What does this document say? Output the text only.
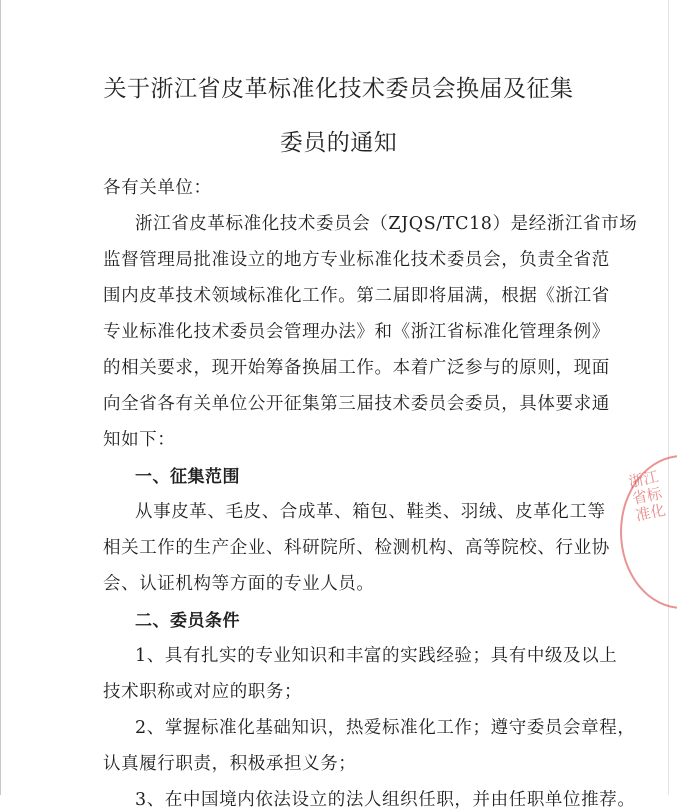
关于浙江省皮革标准化技术委员会换届及征集
委员的通知
各有关单位：
浙江省皮革标准化技术委员会（ZJQS/TC18）是经浙江省市场
监督管理局批准设立的地方专业标准化技术委员会，负责全省范
围内皮革技术领域标准化工作。第二届即将届满，根据《浙江省
专业标准化技术委员会管理办法》和《浙江省标准化管理条例》
的相关要求，现开始筹备换届工作。本着广泛参与的原则，现面
向全省各有关单位公开征集第三届技术委员会委员，具体要求通
知如下：
一、征集范围
从事皮革、毛皮、合成革、箱包、鞋类、羽绒、皮革化工等
相关工作的生产企业、科研院所、检测机构、高等院校、行业协
会、认证机构等方面的专业人员。
二、委员条件
1、具有扎实的专业知识和丰富的实践经验；具有中级及以上
技术职称或对应的职务；
2、掌握标准化基础知识，热爱标准化工作；遵守委员会章程，
认真履行职责，积极承担义务；
3、在中国境内依法设立的法人组织任职，并由任职单位推荐。
浙江省标准化
